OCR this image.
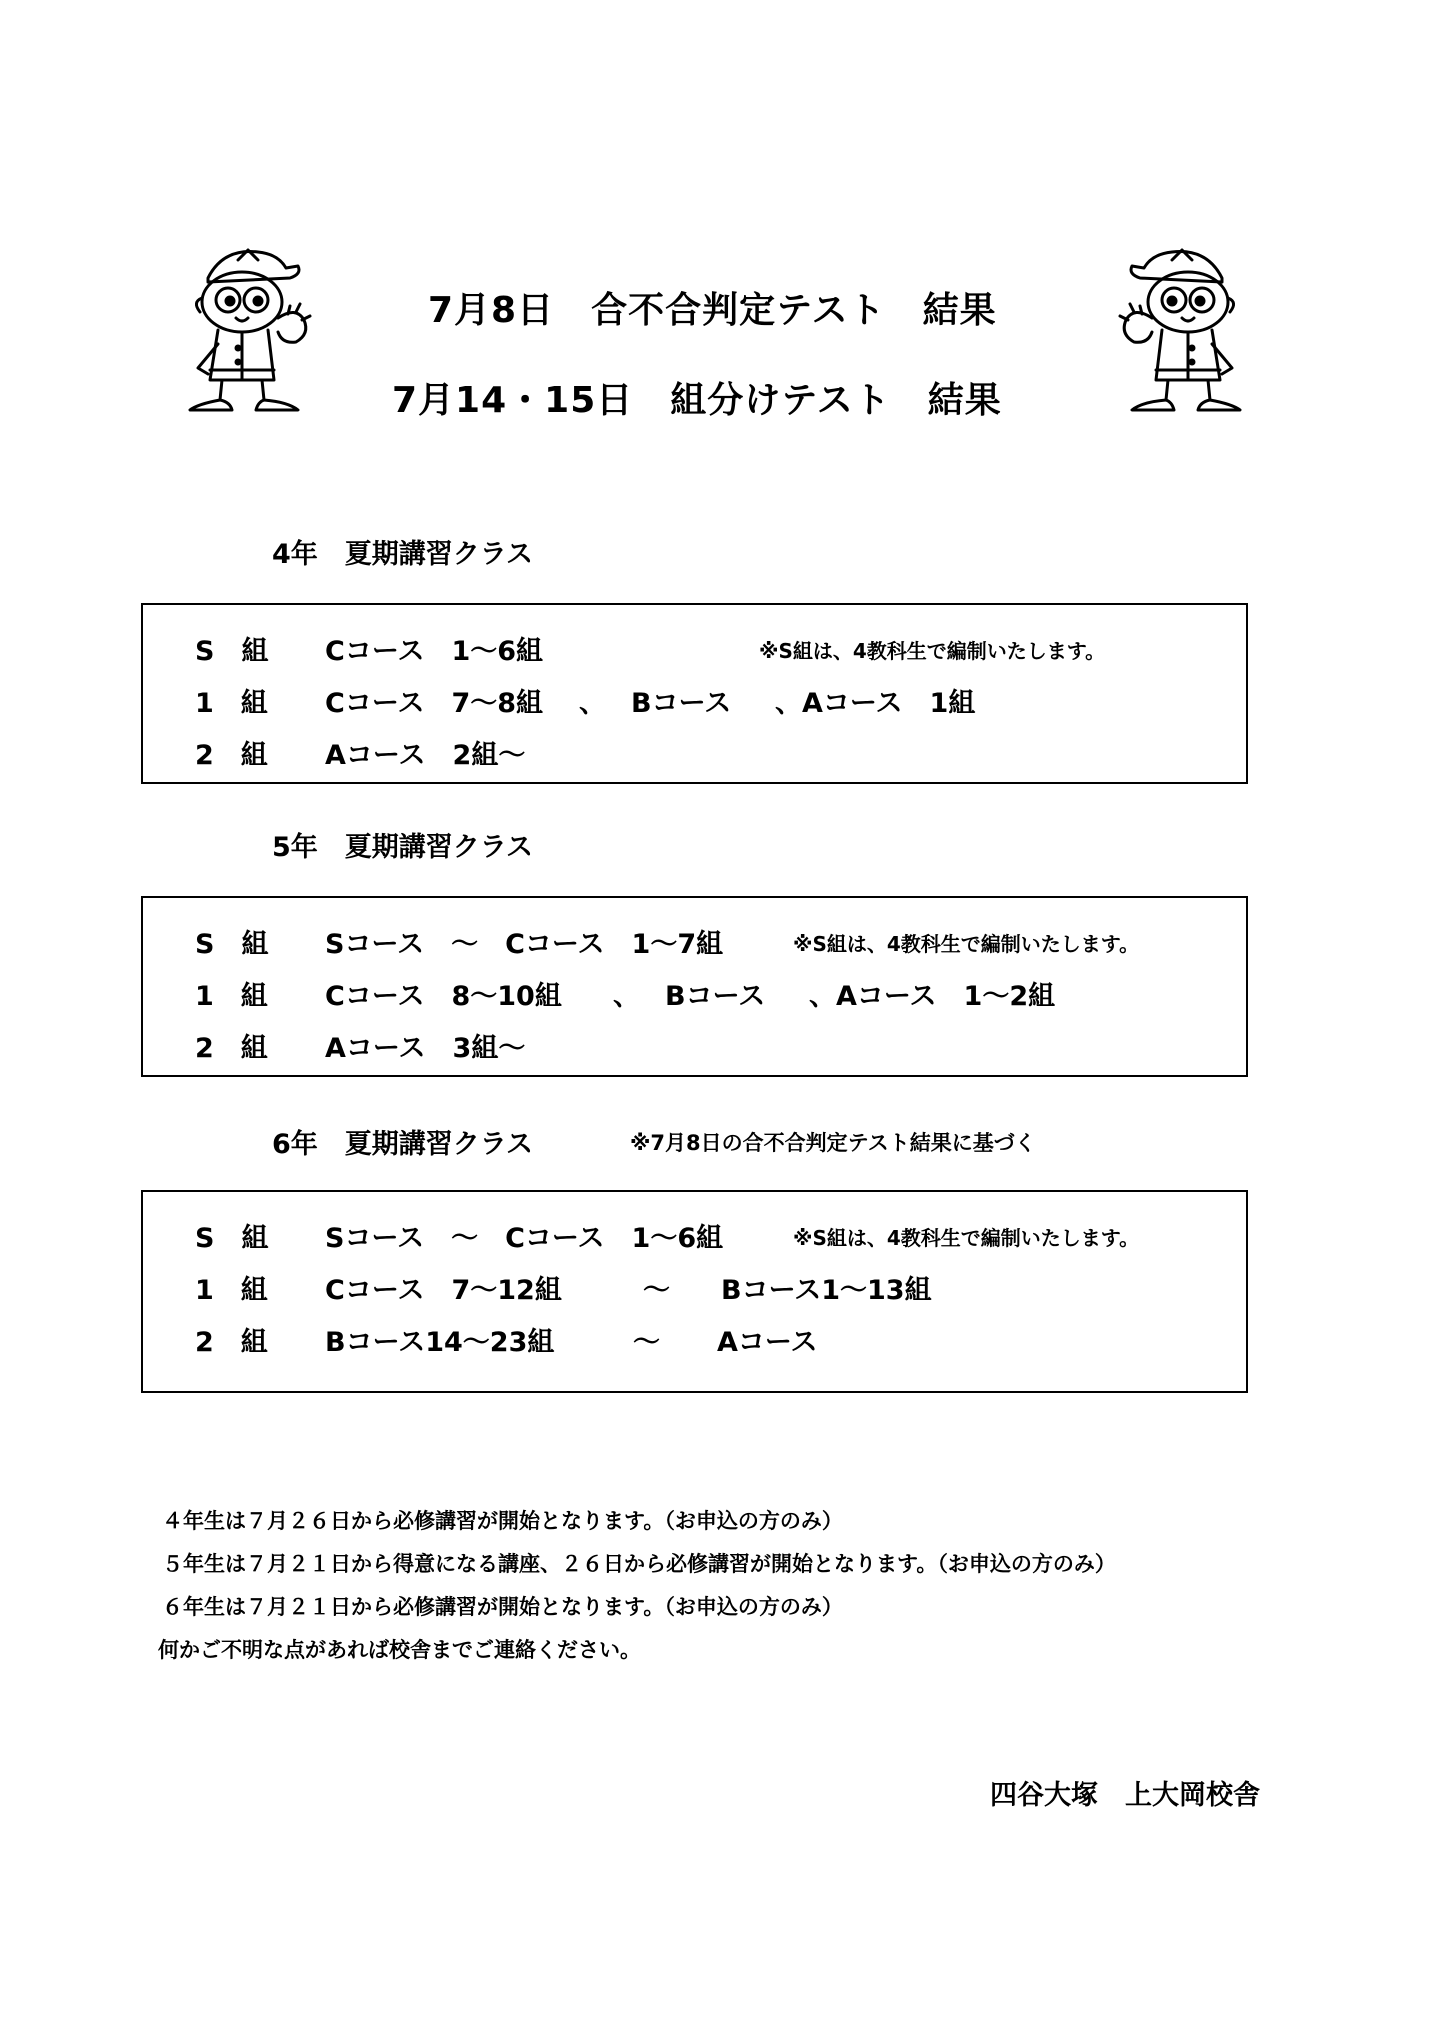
7月8日　合不合判定テスト　結果
7月14・15日　組分けテスト　結果
4年　夏期講習クラス
S　組 Cコース　1〜6組	※S組は、4教科生で編制いたします。
1　組 Cコース　7〜8組 、 Bコース 、Aコース　1組
2　組 Aコース　2組〜
5年　夏期講習クラス
S　組 Sコース　〜　Cコース　1〜7組	※S組は、4教科生で編制いたします。
1　組 Cコース　8〜10組 、 Bコース 、Aコース　1〜2組
2　組 Aコース　3組〜
6年　夏期講習クラス	※7月8日の合不合判定テスト結果に基づく
S　組 Sコース　〜　Cコース　1〜6組	※S組は、4教科生で編制いたします。
1　組 Cコース　7〜12組	〜 Bコース1〜13組
2　組 Bコース14〜23組	〜 Aコース
４年生は７月２６日から必修講習が開始となります。（お申込の方のみ）
５年生は７月２１日から得意になる講座、２６日から必修講習が開始となります。（お申込の方のみ）
６年生は７月２１日から必修講習が開始となります。（お申込の方のみ）
何かご不明な点があれば校舎までご連絡ください。
四谷大塚　上大岡校舎
